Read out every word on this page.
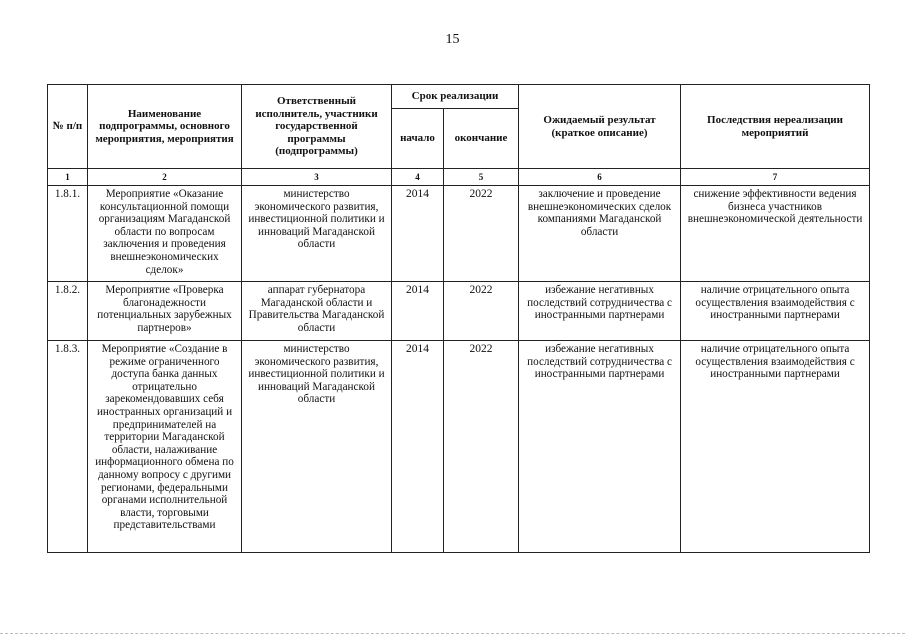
15
№ п/п	Наименование подпрограммы, основного мероприятия, мероприятия	Ответственный исполнитель, участники государственной программы (подпрограммы)	Срок реализации		Ожидаемый результат (краткое описание)	Последствия нереализации мероприятий
			начало	окончание		
1	2	3	4	5	6	7
1.8.1.	Мероприятие «Оказание консультационной помощи организациям Магаданской области по вопросам заключения и проведения внешнеэкономических сделок»	министерство экономического развития, инвестиционной политики и инноваций Магаданской области	2014	2022	заключение и проведение внешнеэкономических сделок компаниями Магаданской области	снижение эффективности ведения бизнеса участников внешнеэкономической деятельности
1.8.2.	Мероприятие «Проверка благонадежности потенциальных зарубежных партнеров»	аппарат губернатора Магаданской области и Правительства Магаданской области	2014	2022	избежание негативных последствий сотрудничества с иностранными партнерами	наличие отрицательного опыта осуществления взаимодействия с иностранными партнерами
1.8.3.	Мероприятие «Создание в режиме ограниченного доступа банка данных отрицательно зарекомендовавших себя иностранных организаций и предпринимателей на территории Магаданской области, налаживание информационного обмена по данному вопросу с другими регионами, федеральными органами исполнительной власти, торговыми представительствами	министерство экономического развития, инвестиционной политики и инноваций Магаданской области	2014	2022	избежание негативных последствий сотрудничества с иностранными партнерами	наличие отрицательного опыта осуществления взаимодействия с иностранными партнерами
